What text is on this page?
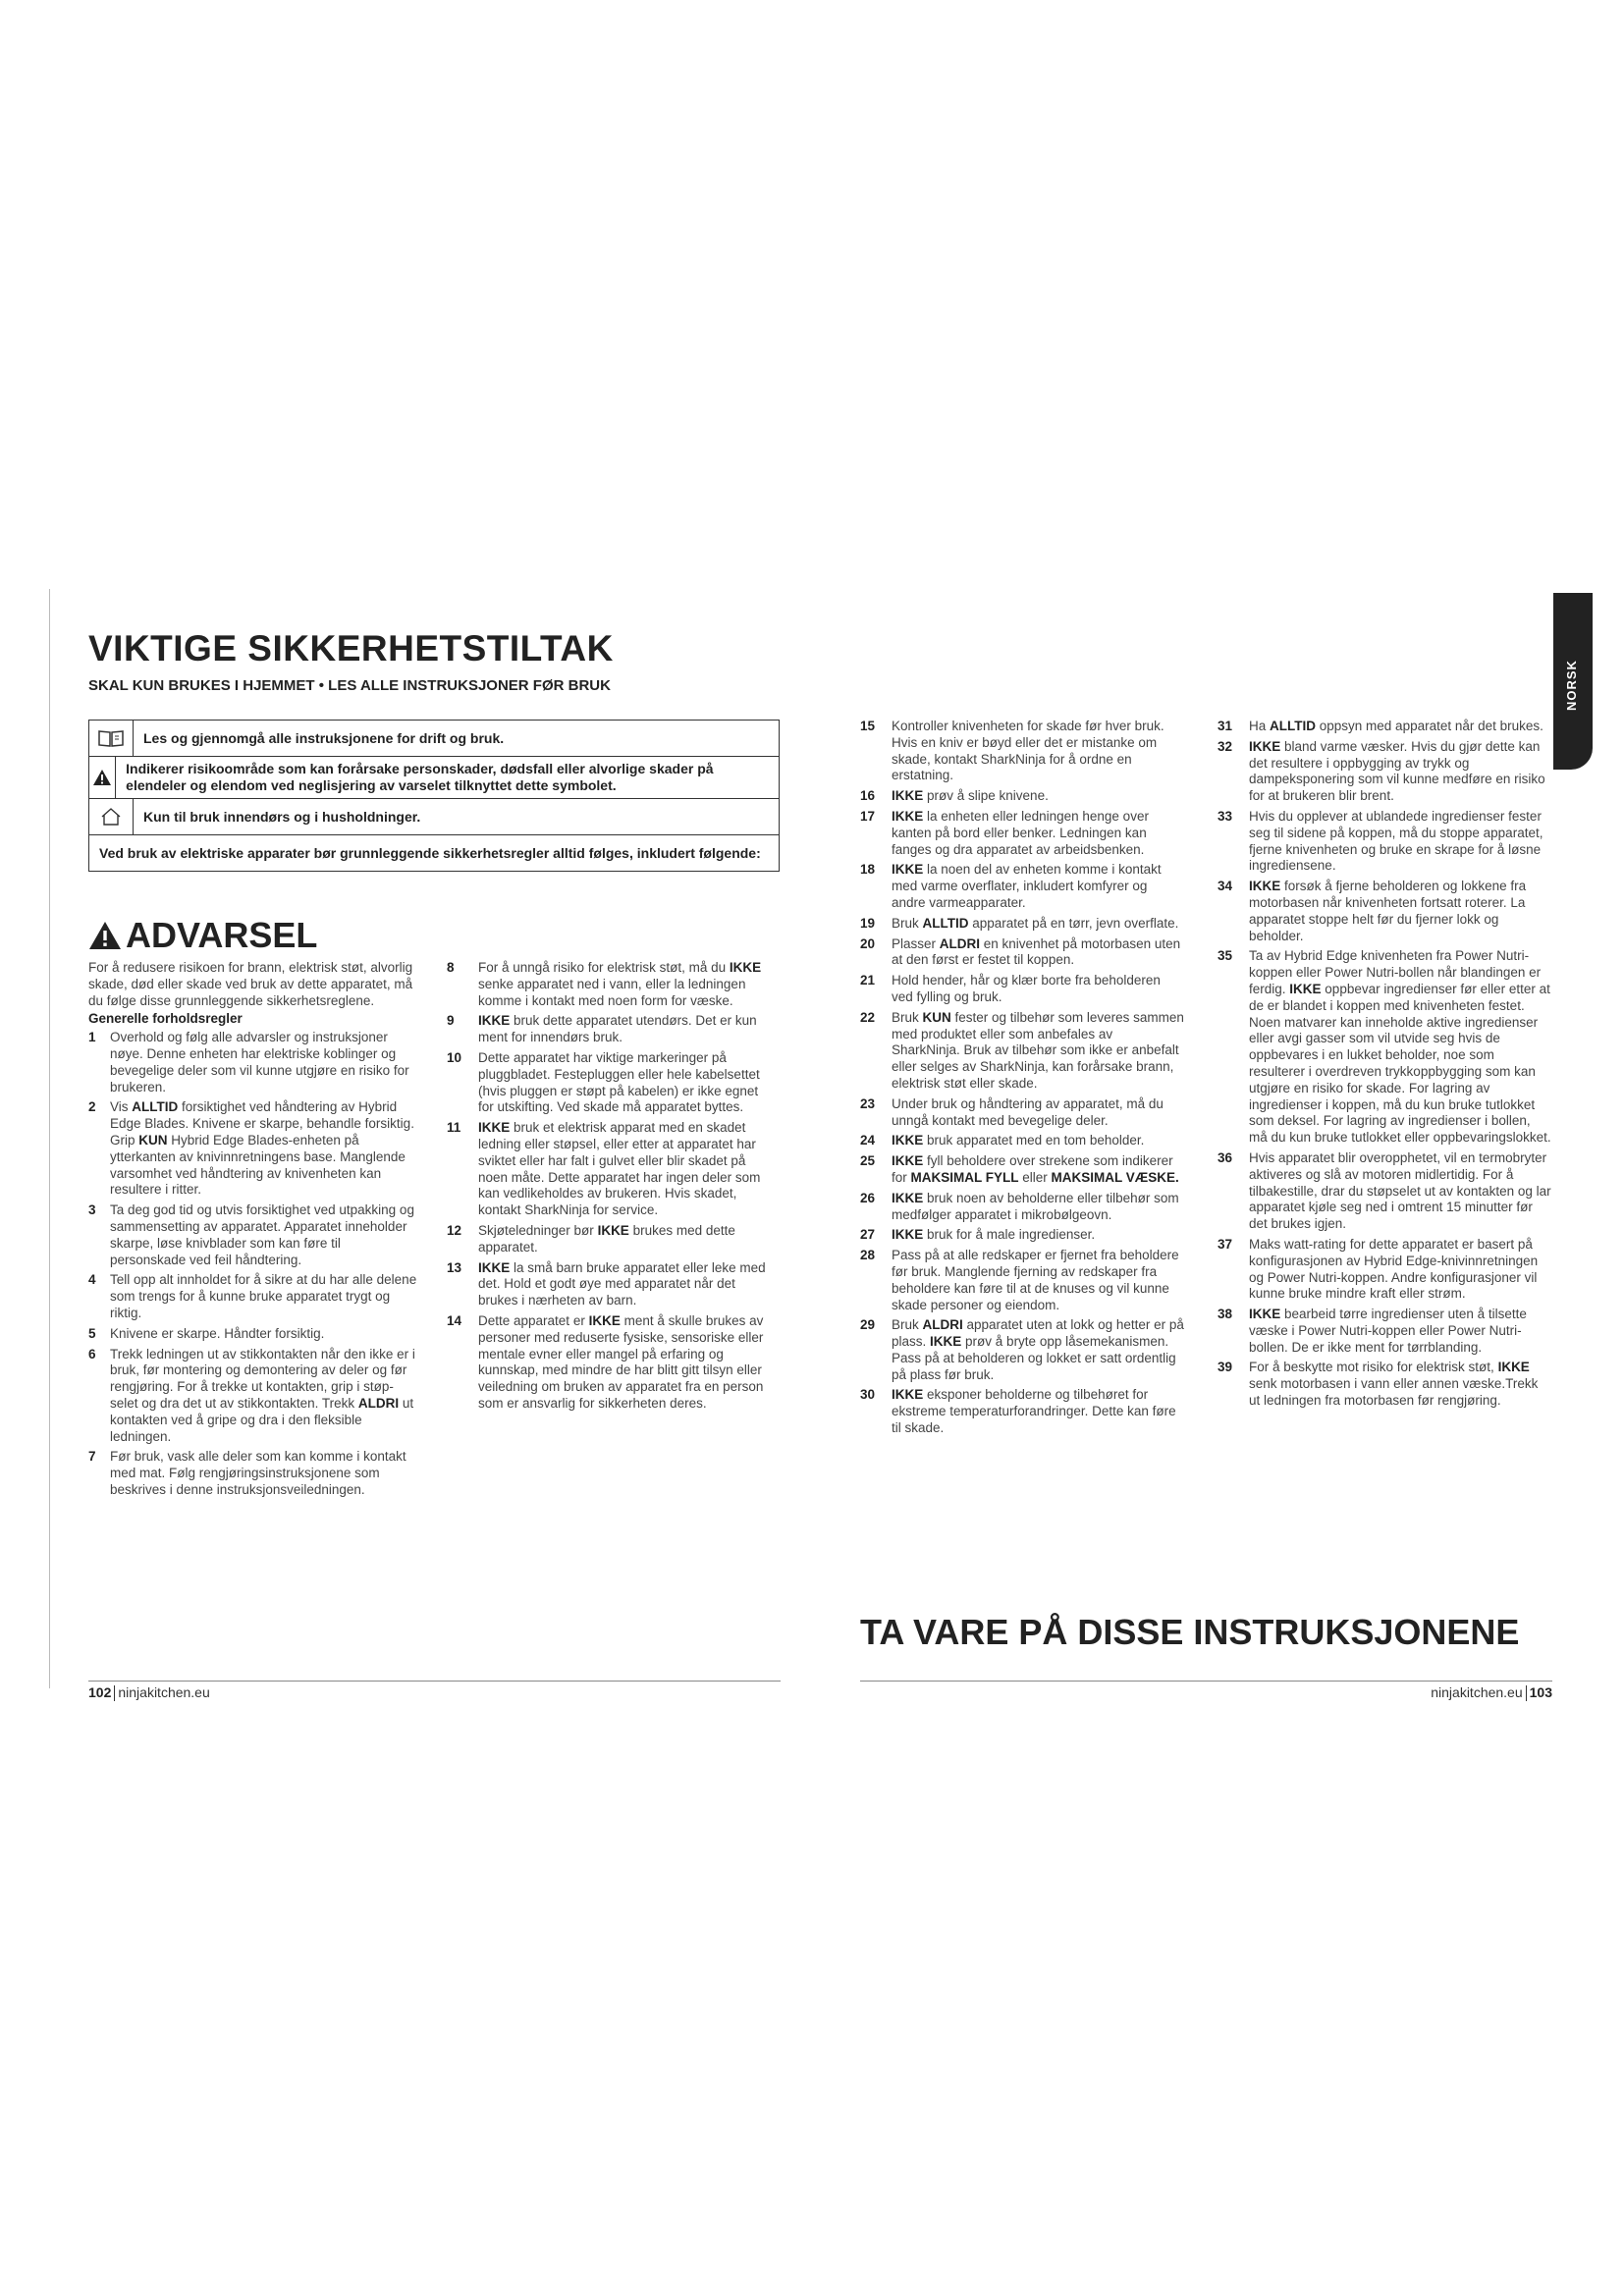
VIKTIGE SIKKERHETSTILTAK
SKAL KUN BRUKES I HJEMMET • LES ALLE INSTRUKSJONER FØR BRUK
Les og gjennomgå alle instruksjonene for drift og bruk.
Indikerer risikoområde som kan forårsake personskader, dødsfall eller alvorlige skader på elendeler og elendom ved neglisjering av varselet tilknyttet dette symbolet.
Kun til bruk innendørs og i husholdninger.
Ved bruk av elektriske apparater bør grunnleggende sikkerhetsregler alltid følges, inkludert følgende:
ADVARSEL

For å redusere risikoen for brann, elektrisk støt, alvorlig skade, død eller skade ved bruk av dette apparatet, må du følge disse grunnleggende sikkerhetsreglene.

Generelle forholdsregler

1	Overhold og følg alle advarsler og instruksjoner nøye. Denne enheten har elektriske koblinger og bevegelige deler som vil kunne utgjøre en risiko for brukeren.
2	Vis ALLTID forsiktighet ved håndtering av Hybrid Edge Blades. Knivene er skarpe, behandle forsiktig. Grip KUN Hybrid Edge Blades-enheten på ytterkanten av knivinnretningens base. Manglende varsomhet ved håndtering av knivenheten kan resultere i ritter.
3	Ta deg god tid og utvis forsiktighet ved utpakking og sammensetting av apparatet. Apparatet inneholder skarpe, løse knivblader som kan føre til personskade ved feil håndtering.
4	Tell opp alt innholdet for å sikre at du har alle delene som trengs for å kunne bruke apparatet trygt og riktig.
5	Knivene er skarpe. Håndter forsiktig.
6	Trekk ledningen ut av stikkontakten når den ikke er i bruk, før montering og demontering av deler og før rengjøring. For å trekke ut kontakten, grip i støp-selet og dra det ut av stikkontakten. Trekk ALDRI ut kontakten ved å gripe og dra i den fleksible ledningen.
7	Før bruk, vask alle deler som kan komme i kontakt med mat. Følg rengjøringsinstruksjonene som beskrives i denne instruksjonsveiledningen.
8	For å unngå risiko for elektrisk støt, må du IKKE senke apparatet ned i vann, eller la ledningen komme i kontakt med noen form for væske.
9	IKKE bruk dette apparatet utendørs. Det er kun ment for innendørs bruk.
10	Dette apparatet har viktige markeringer på pluggbladet. Festepluggen eller hele kabelsettet (hvis pluggen er støpt på kabelen) er ikke egnet for utskifting. Ved skade må apparatet byttes.
11	IKKE bruk et elektrisk apparat med en skadet ledning eller støpsel, eller etter at apparatet har sviktet eller har falt i gulvet eller blir skadet på noen måte. Dette apparatet har ingen deler som kan vedlikeholdes av brukeren. Hvis skadet, kontakt SharkNinja for service.
12	Skjøteledninger bør IKKE brukes med dette apparatet.
13	IKKE la små barn bruke apparatet eller leke med det. Hold et godt øye med apparatet når det brukes i nærheten av barn.
14	Dette apparatet er IKKE ment å skulle brukes av personer med reduserte fysiske, sensoriske eller mentale evner eller mangel på erfaring og kunnskap, med mindre de har blitt gitt tilsyn eller veiledning om bruken av apparatet fra en person som er ansvarlig for sikkerheten deres.
15	Kontroller knivenheten for skade før hver bruk. Hvis en kniv er bøyd eller det er mistanke om skade, kontakt SharkNinja for å ordne en erstatning.
16	IKKE prøv å slipe knivene.
17	IKKE la enheten eller ledningen henge over kanten på bord eller benker. Ledningen kan fanges og dra apparatet av arbeidsbenken.
18	IKKE la noen del av enheten komme i kontakt med varme overflater, inkludert komfyrer og andre varmeapparater.
19	Bruk ALLTID apparatet på en tørr, jevn overflate.
20	Plasser ALDRI en knivenhet på motorbasen uten at den først er festet til koppen.
21	Hold hender, hår og klær borte fra beholderen ved fylling og bruk.
22	Bruk KUN fester og tilbehør som leveres sammen med produktet eller som anbefales av SharkNinja. Bruk av tilbehør som ikke er anbefalt eller selges av SharkNinja, kan forårsake brann, elektrisk støt eller skade.
23	Under bruk og håndtering av apparatet, må du unngå kontakt med bevegelige deler.
24	IKKE bruk apparatet med en tom beholder.
25	IKKE fyll beholdere over strekene som indikerer for MAKSIMAL FYLL eller MAKSIMAL VÆSKE.
26	IKKE bruk noen av beholderne eller tilbehør som medfølger apparatet i mikrobølgeovn.
27	IKKE bruk for å male ingredienser.
28	Pass på at alle redskaper er fjernet fra beholdere før bruk. Manglende fjerning av redskaper fra beholdere kan føre til at de knuses og vil kunne skade personer og eiendom.
29	Bruk ALDRI apparatet uten at lokk og hetter er på plass. IKKE prøv å bryte opp låsemekanismen. Pass på at beholderen og lokket er satt ordentlig på plass før bruk.
30	IKKE eksponer beholderne og tilbehøret for ekstreme temperaturforandringer. Dette kan føre til skade.
31	Ha ALLTID oppsyn med apparatet når det brukes.
32	IKKE bland varme væsker. Hvis du gjør dette kan det resultere i oppbygging av trykk og dampeksponering som vil kunne medføre en risiko for at brukeren blir brent.
33	Hvis du opplever at ublandede ingredienser fester seg til sidene på koppen, må du stoppe apparatet, fjerne knivenheten og bruke en skrape for å løsne ingrediensene.
34	IKKE forsøk å fjerne beholderen og lokkene fra motorbasen når knivenheten fortsatt roterer. La apparatet stoppe helt før du fjerner lokk og beholder.
35	Ta av Hybrid Edge knivenheten fra Power Nutri-koppen eller Power Nutri-bollen når blandingen er ferdig. IKKE oppbevar ingredienser før eller etter at de er blandet i koppen med knivenheten festet. Noen matvarer kan inneholde aktive ingredienser eller avgi gasser som vil utvide seg hvis de oppbevares i en lukket beholder, noe som resulterer i overdreven trykkoppbygging som kan utgjøre en risiko for skade. For lagring av ingredienser i koppen, må du kun bruke tutlokket som deksel. For lagring av ingredienser i bollen, må du kun bruke tutlokket eller oppbevaringslokket.
36	Hvis apparatet blir overopphetet, vil en termobryter aktiveres og slå av motoren midlertidig. For å tilbakestille, drar du støpselet ut av kontakten og lar apparatet kjøle seg ned i omtrent 15 minutter før det brukes igjen.
37	Maks watt-rating for dette apparatet er basert på konfigurasjonen av Hybrid Edge-knivinnretningen og Power Nutri-koppen. Andre konfigurasjoner vil kunne bruke mindre kraft eller strøm.
38	IKKE bearbeid tørre ingredienser uten å tilsette væske i Power Nutri-koppen eller Power Nutri-bollen. De er ikke ment for tørrblanding.
39	For å beskytte mot risiko for elektrisk støt, IKKE senk motorbasen i vann eller annen væske.Trekk ut ledningen fra motorbasen før rengjøring.
TA VARE PÅ DISSE INSTRUKSJONENE
NORSK
102 ninjakitchen.eu	ninjakitchen.eu 103
